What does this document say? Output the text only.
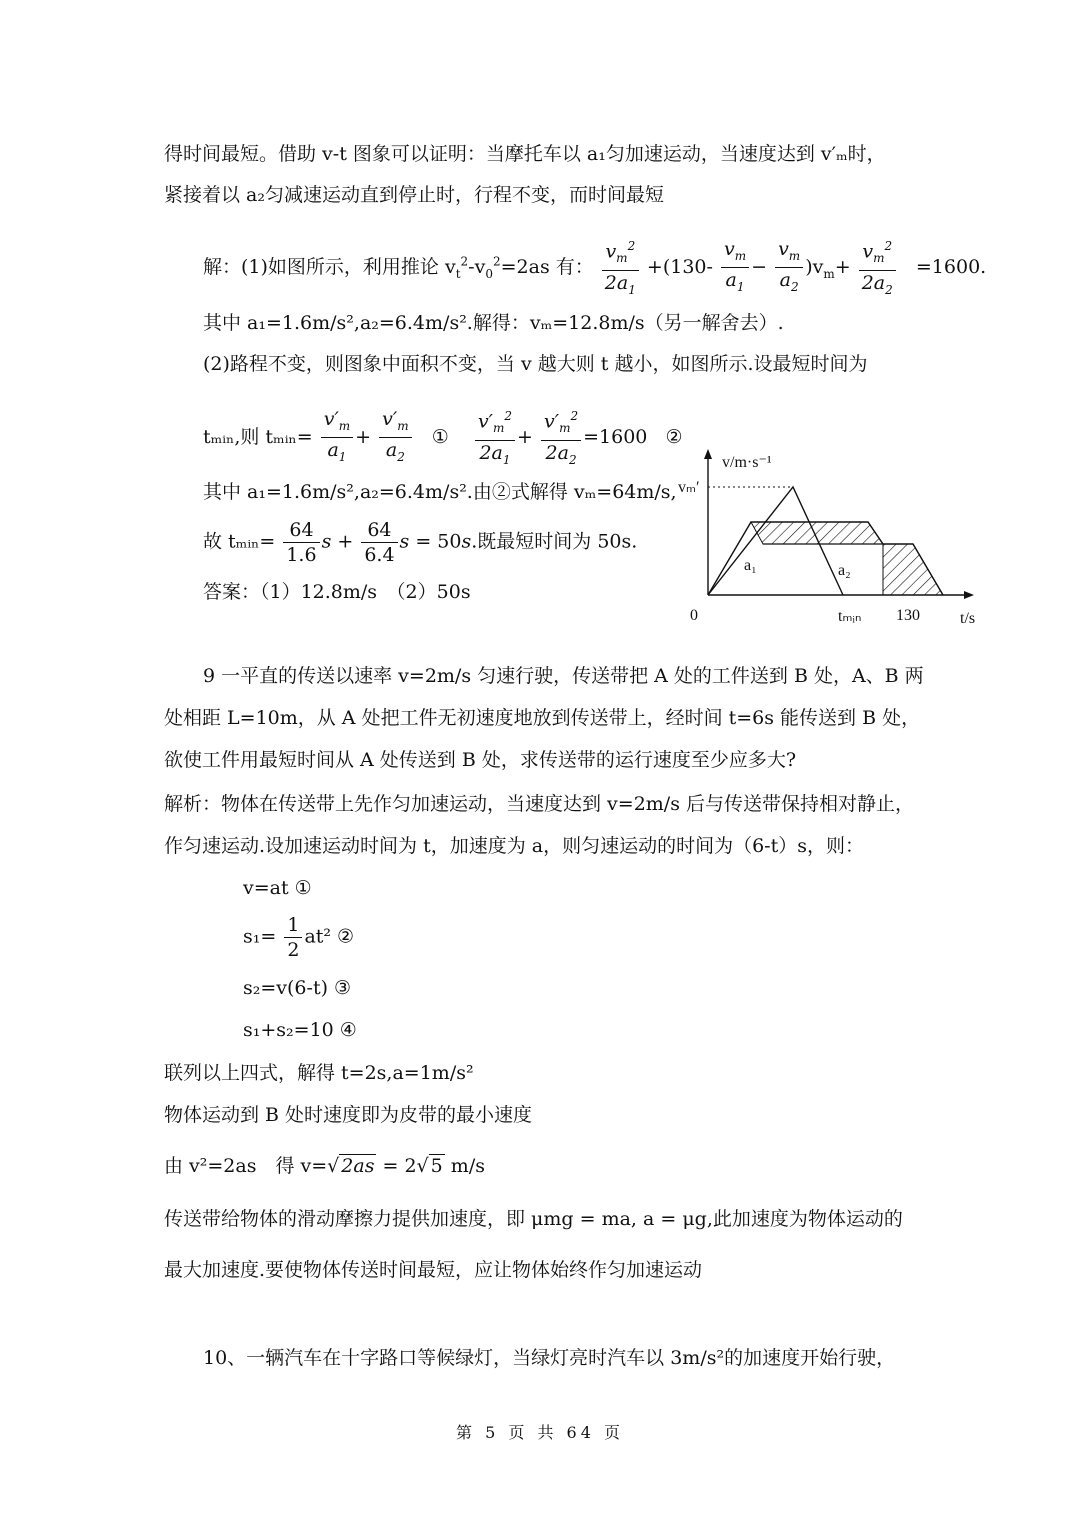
得时间最短。借助 v-t 图象可以证明：当摩托车以 a₁匀加速运动，当速度达到 v′ₘ时，
紧接着以 a₂匀减速运动直到停止时，行程不变，而时间最短
解：(1)如图所示，利用推论 $v_t^2-v_0^2=2as$ 有： $\frac{v_m^2}{2a_1} +(130- \frac{v_m}{a_1} - \frac{v_m}{a_2} )v_m+ \frac{v_m^2}{2a_2} =1600$.
其中 a₁=1.6m/s²,a₂=6.4m/s².解得：vₘ=12.8m/s（另一解舍去）.
(2)路程不变，则图象中面积不变，当 v 越大则 t 越小，如图所示.设最短时间为
tₘᵢₙ,则 tₘᵢₙ= $\frac{v'_m}{a_1} + \frac{v'_m}{a_2}$ ① $\frac{v'_m^2}{2a_1} + \frac{v'_m^2}{2a_2} =1600$ ②
其中 a₁=1.6m/s²,a₂=6.4m/s².由②式解得 vₘ=64m/s,
故 tₘᵢₙ= $\frac{64}{1.6}$ $s + \frac{64}{6.4}$ s = 50s.既最短时间为 50s.
答案：（1）12.8m/s　（2）50s
v/m·s⁻¹
vₘ′
a₁	a₂
0	tₘᵢₙ 130	t/s
9 一平直的传送以速率 v=2m/s 匀速行驶，传送带把 A 处的工件送到 B 处，A、B 两
处相距 L=10m，从 A 处把工件无初速度地放到传送带上，经时间 t=6s 能传送到 B 处，
欲使工件用最短时间从 A 处传送到 B 处，求传送带的运行速度至少应多大?
解析：物体在传送带上先作匀加速运动，当速度达到 v=2m/s 后与传送带保持相对静止，
作匀速运动.设加速运动时间为 t，加速度为 a，则匀速运动的时间为（6-t）s，则：
v=at ①
$s_1= \frac{1}{2} at^2$ ②
s₂=v(6-t) ③
s₁+s₂=10 ④
联列以上四式，解得 t=2s,a=1m/s²
物体运动到 B 处时速度即为皮带的最小速度
由 v²=2as　得 v=√ 2as = 2√ 5 m/s
传送带给物体的滑动摩擦力提供加速度，即 μmg = ma, a = μg,此加速度为物体运动的
最大加速度.要使物体传送时间最短，应让物体始终作匀加速运动
10、一辆汽车在十字路口等候绿灯，当绿灯亮时汽车以 3m/s²的加速度开始行驶，
第 5 页 共 64 页
